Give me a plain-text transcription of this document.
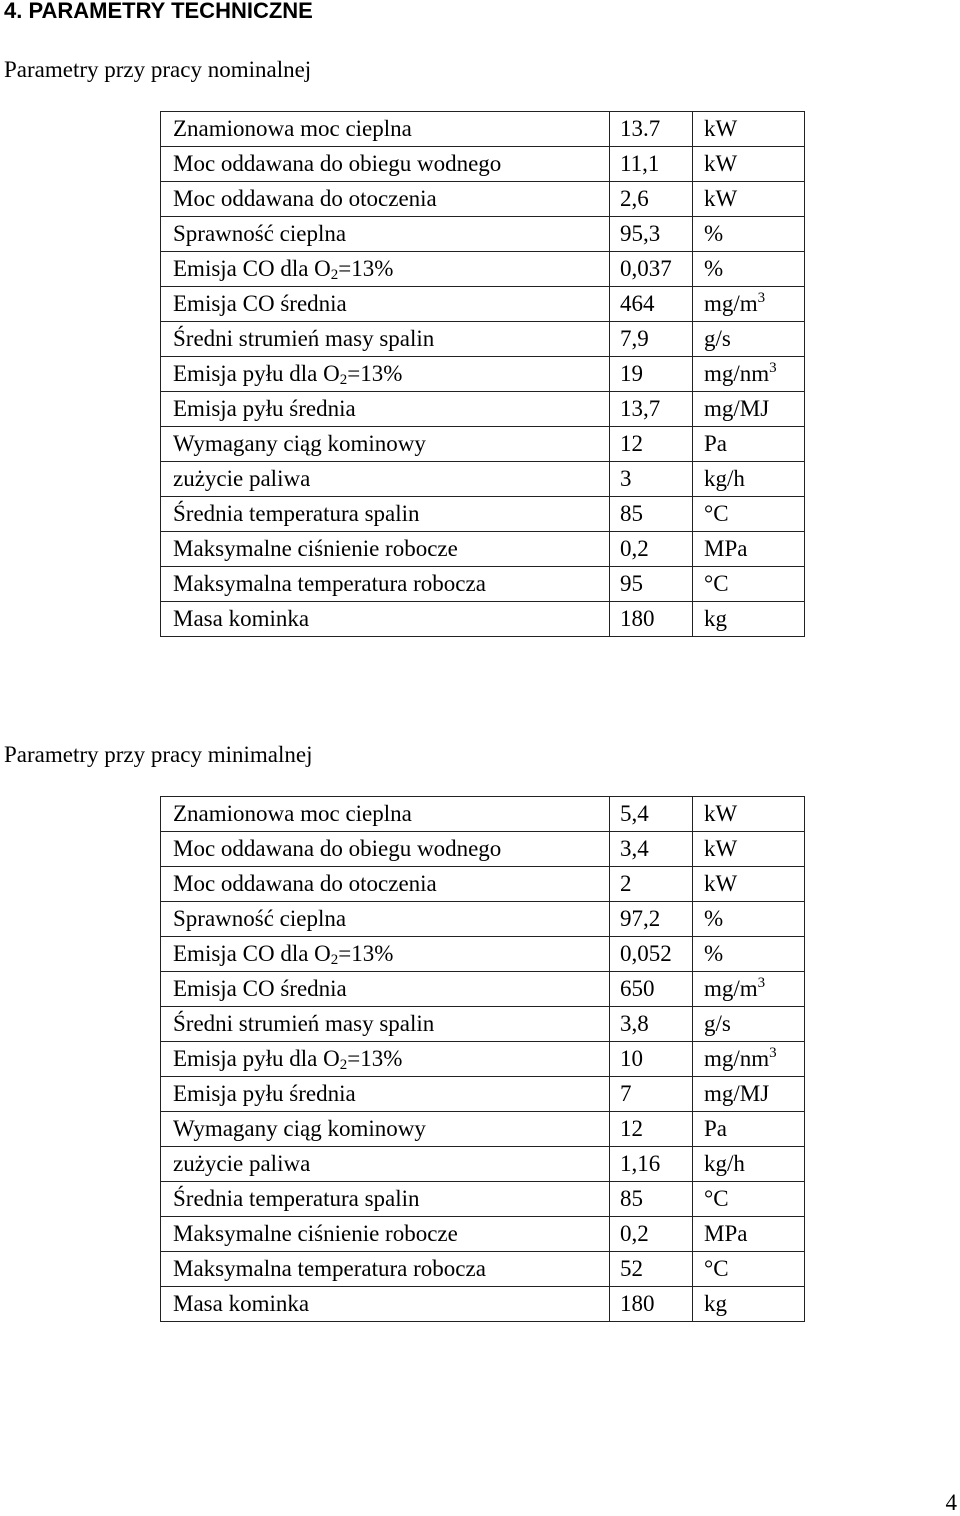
4. PARAMETRY TECHNICZNE
Parametry przy pracy nominalnej
Znamionowa moc cieplna	13.7	kW
Moc oddawana do obiegu wodnego	11,1	kW
Moc oddawana do otoczenia	2,6	kW
Sprawność cieplna	95,3	%
Emisja CO dla $O_2=13\%$	0,037	%
Emisja CO średnia	464	$mg/m^3$
Średni strumień masy spalin	7,9	g/s
Emisja pyłu dla $O_2=13\%$	19	$mg/nm^3$
Emisja pyłu średnia	13,7	mg/MJ
Wymagany ciąg kominowy	12	Pa
zużycie paliwa	3	kg/h
Średnia temperatura spalin	85	°C
Maksymalne ciśnienie robocze	0,2	MPa
Maksymalna temperatura robocza	95	°C
Masa kominka	180	kg
Parametry przy pracy minimalnej
Znamionowa moc cieplna	5,4	kW
Moc oddawana do obiegu wodnego	3,4	kW
Moc oddawana do otoczenia	2	kW
Sprawność cieplna	97,2	%
Emisja CO dla $O_2=13\%$	0,052	%
Emisja CO średnia	650	$mg/m^3$
Średni strumień masy spalin	3,8	g/s
Emisja pyłu dla $O_2=13\%$	10	$mg/nm^3$
Emisja pyłu średnia	7	mg/MJ
Wymagany ciąg kominowy	12	Pa
zużycie paliwa	1,16	kg/h
Średnia temperatura spalin	85	°C
Maksymalne ciśnienie robocze	0,2	MPa
Maksymalna temperatura robocza	52	°C
Masa kominka	180	kg
4
